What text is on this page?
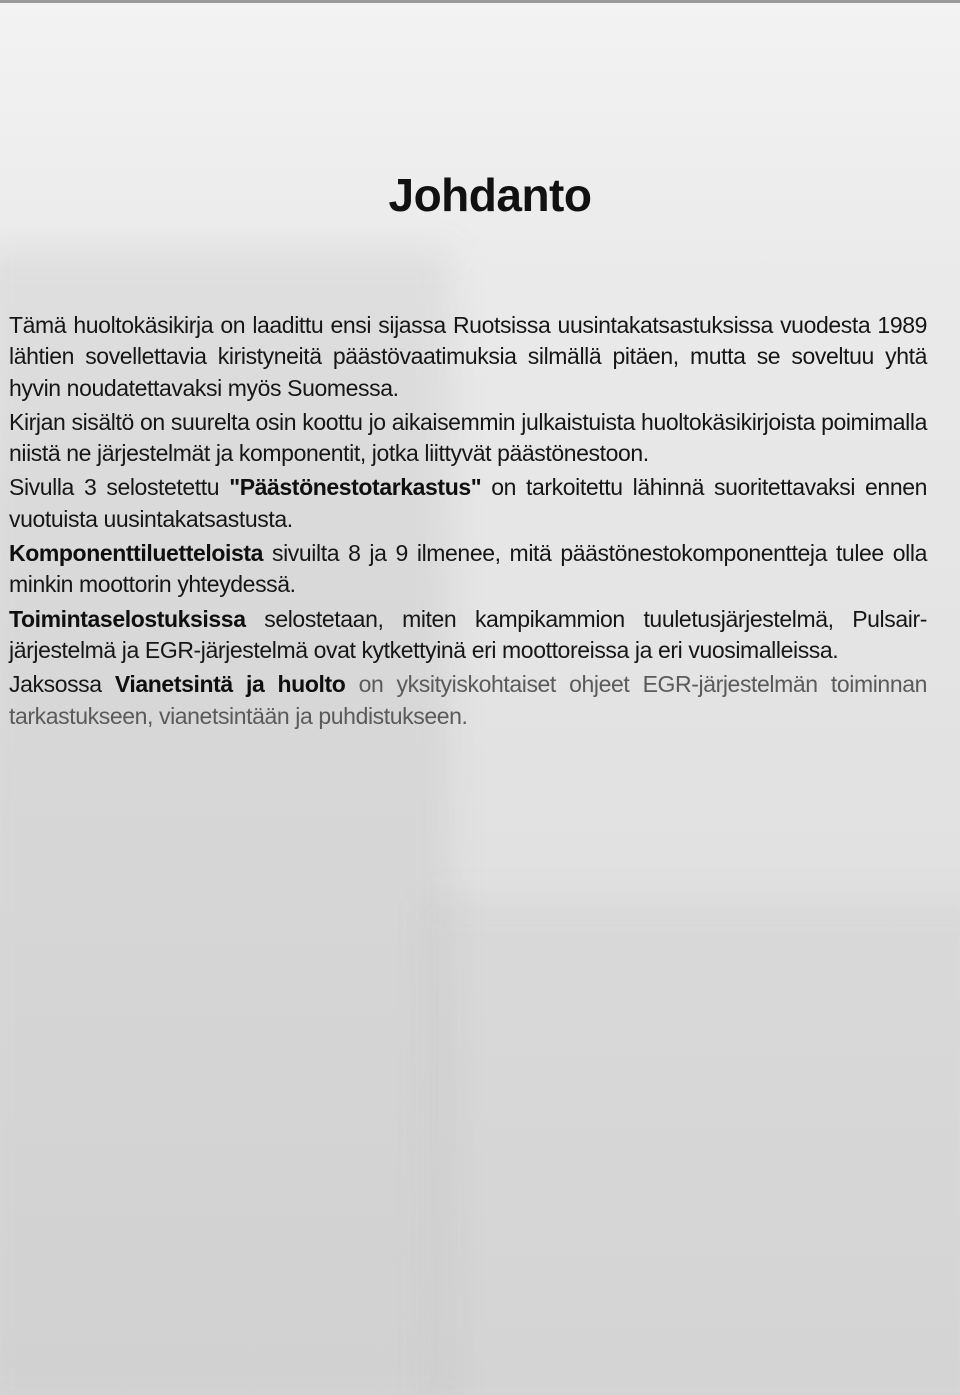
Johdanto

Tämä huoltokäsikirja on laadittu ensi sijassa Ruotsissa uusintakatsastuksissa vuodesta 1989 lähtien sovellettavia kiristyneitä päästövaatimuksia silmällä pitäen, mutta se soveltuu yhtä hyvin noudatettavaksi myös Suomessa.

Kirjan sisältö on suurelta osin koottu jo aikaisemmin julkaistuista huoltokäsikirjoista poimimalla niistä ne järjestelmät ja komponentit, jotka liittyvät päästönestoon.

Sivulla 3 selostetettu "Päästönestotarkastus" on tarkoitettu lähinnä suoritettavaksi ennen vuotuista uusintakatsastusta.

Komponenttiluetteloista sivuilta 8 ja 9 ilmenee, mitä päästönestokomponentteja tulee olla minkin moottorin yhteydessä.

Toimintaselostuksissa selostetaan, miten kampikammion tuuletusjärjestelmä, Pulsair-järjestelmä ja EGR-järjestelmä ovat kytkettyinä eri moottoreissa ja eri vuosimalleissa.

Jaksossa Vianetsintä ja huolto on yksityiskohtaiset ohjeet EGR-järjestelmän toiminnan tarkastukseen, vianetsintään ja puhdistukseen.
